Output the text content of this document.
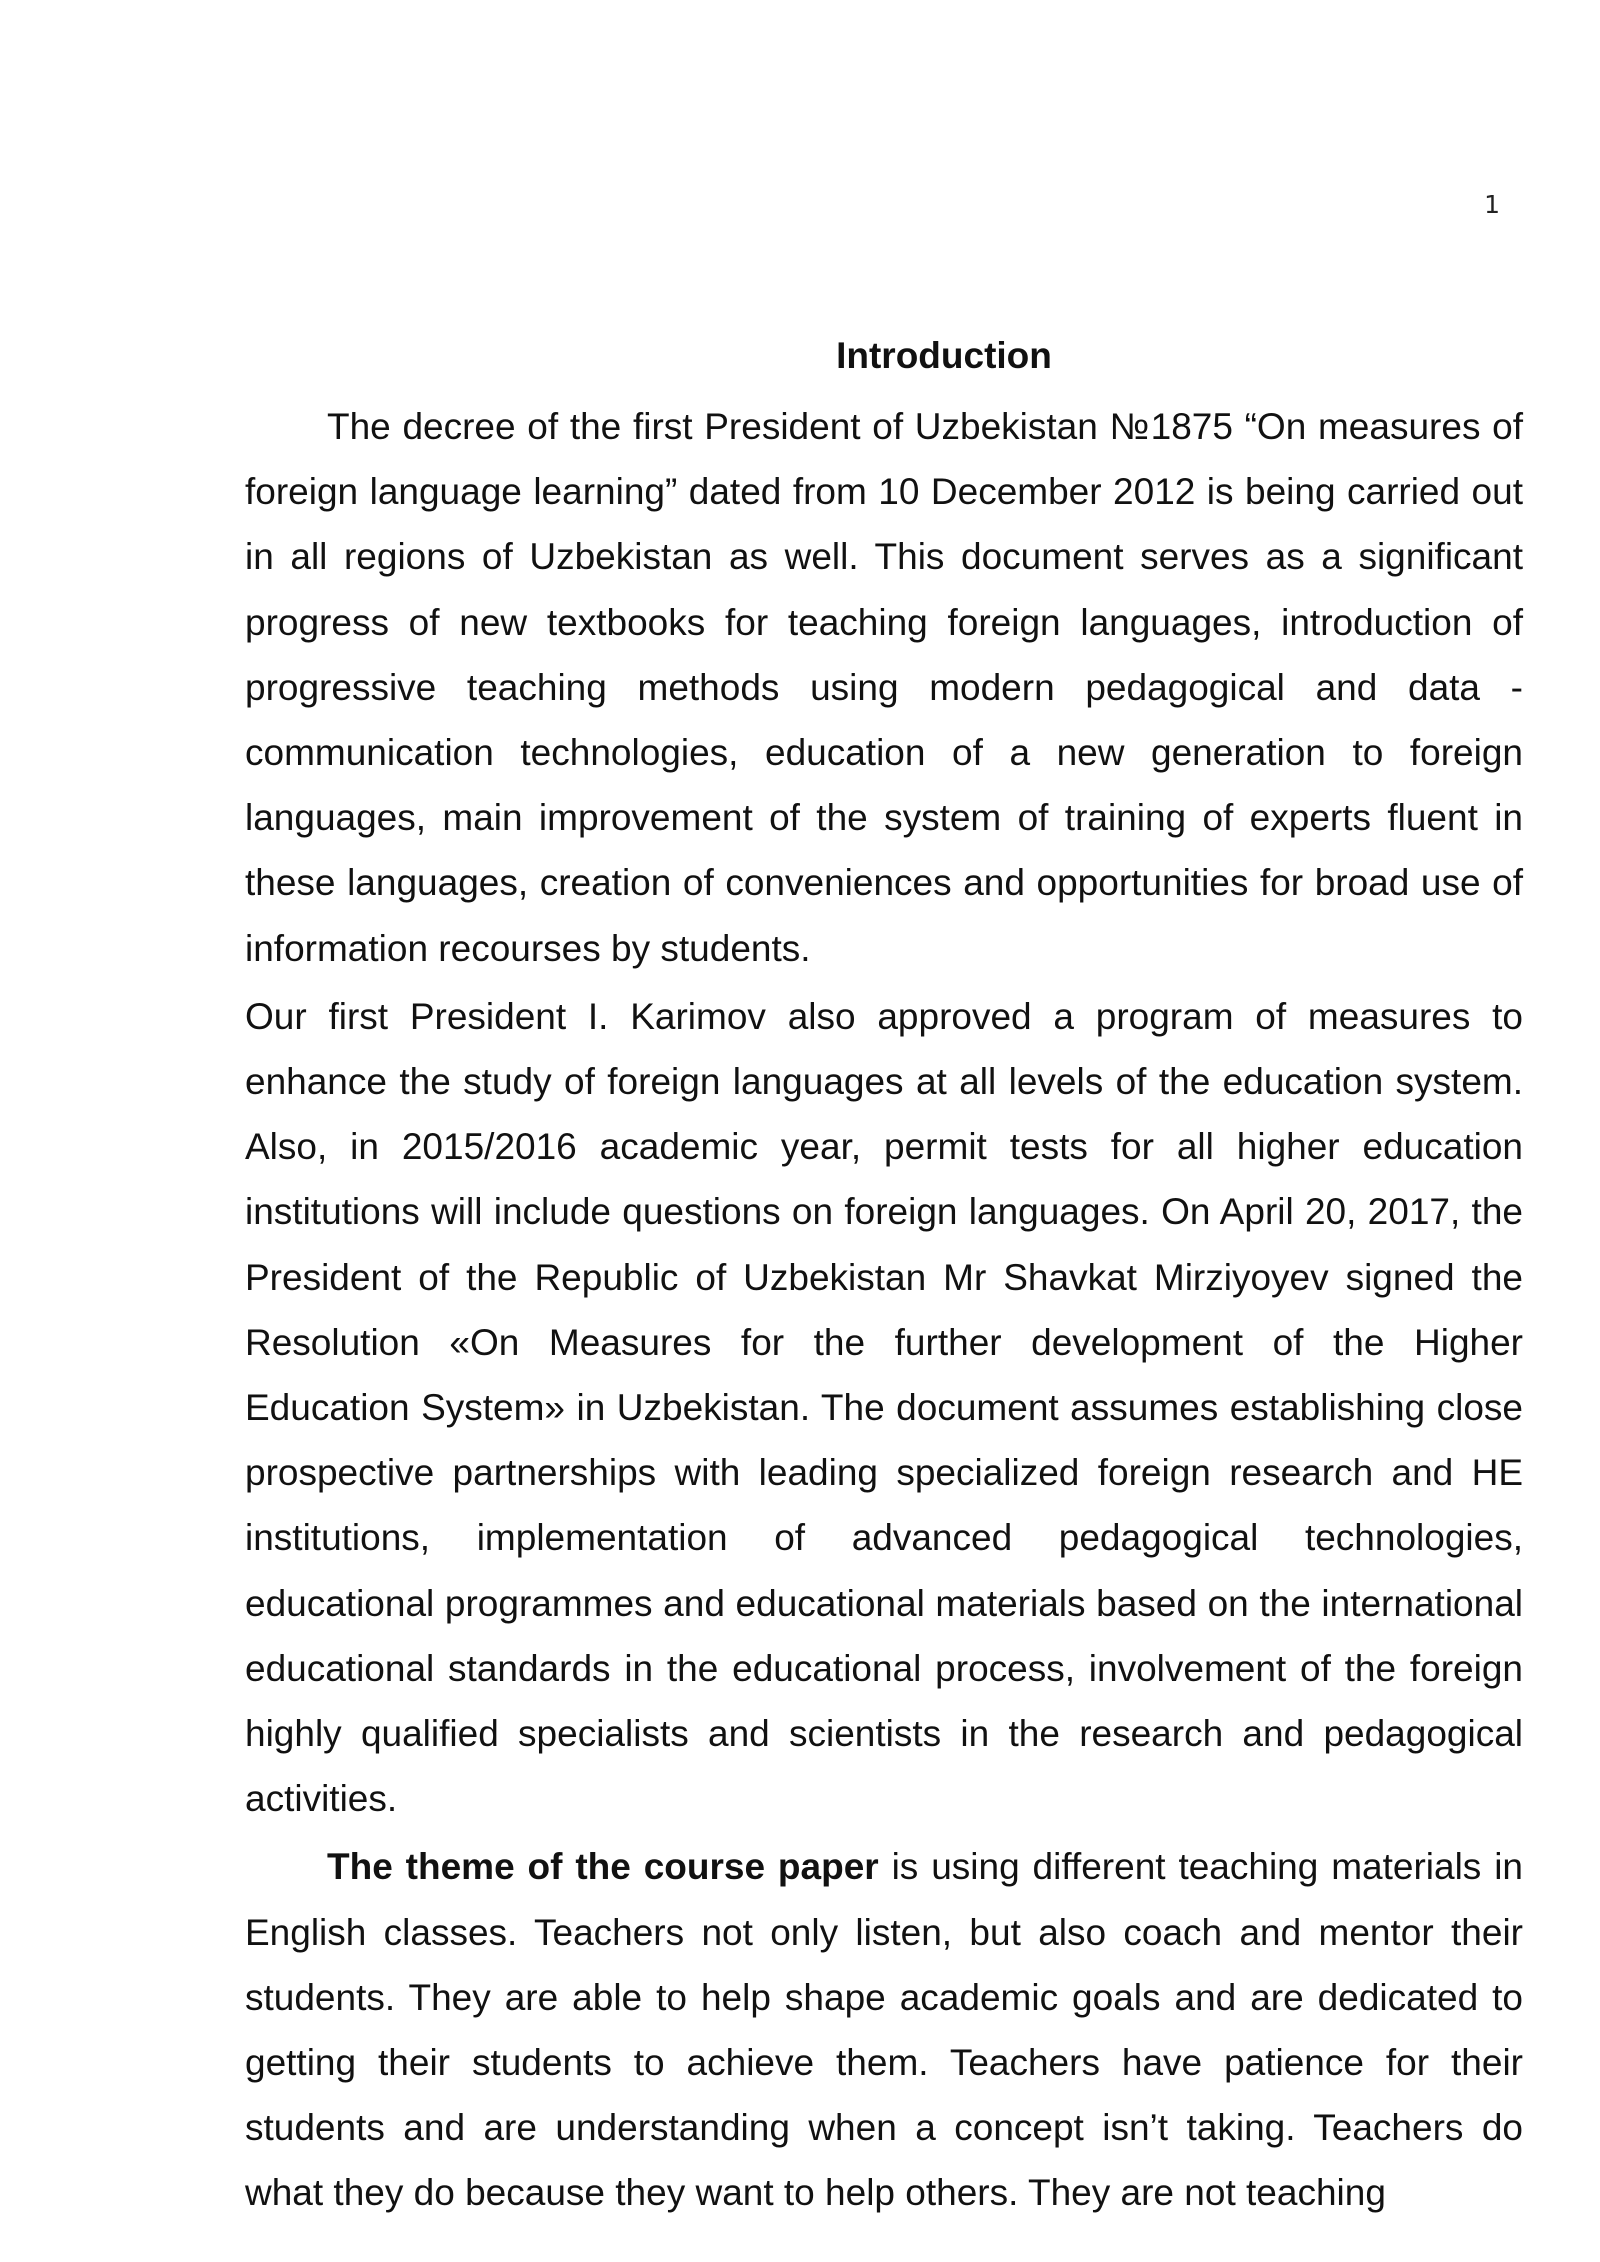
1
Introduction

The decree of the first President of Uzbekistan №1875 “On measures of foreign language learning” dated from 10 December 2012 is being carried out in all regions of Uzbekistan as well. This document serves as a significant progress of new textbooks for teaching foreign languages, introduction of progressive teaching methods using modern pedagogical and data - communication technologies, education of a new generation to foreign languages, main improvement of the system of training of experts fluent in these languages, creation of conveniences and opportunities for broad use of information recourses by students.

Our first President I. Karimov also approved a program of measures to enhance the study of foreign languages at all levels of the education system. Also, in 2015/2016 academic year, permit tests for all higher education institutions will include questions on foreign languages. On April 20, 2017, the President of the Republic of Uzbekistan Mr Shavkat Mirziyoyev signed the Resolution «On Measures for the further development of the Higher Education System» in Uzbekistan. The document assumes establishing close prospective partnerships with leading specialized foreign research and HE institutions, implementation of advanced pedagogical technologies, educational programmes and educational materials based on the international educational standards in the educational process, involvement of the foreign highly qualified specialists and scientists in the research and pedagogical activities.

The theme of the course paper is using different teaching materials in English classes. Teachers not only listen, but also coach and mentor their students. They are able to help shape academic goals and are dedicated to getting their students to achieve them. Teachers have patience for their students and are understanding when a concept isn’t taking. Teachers do what they do because they want to help others. They are not teaching
